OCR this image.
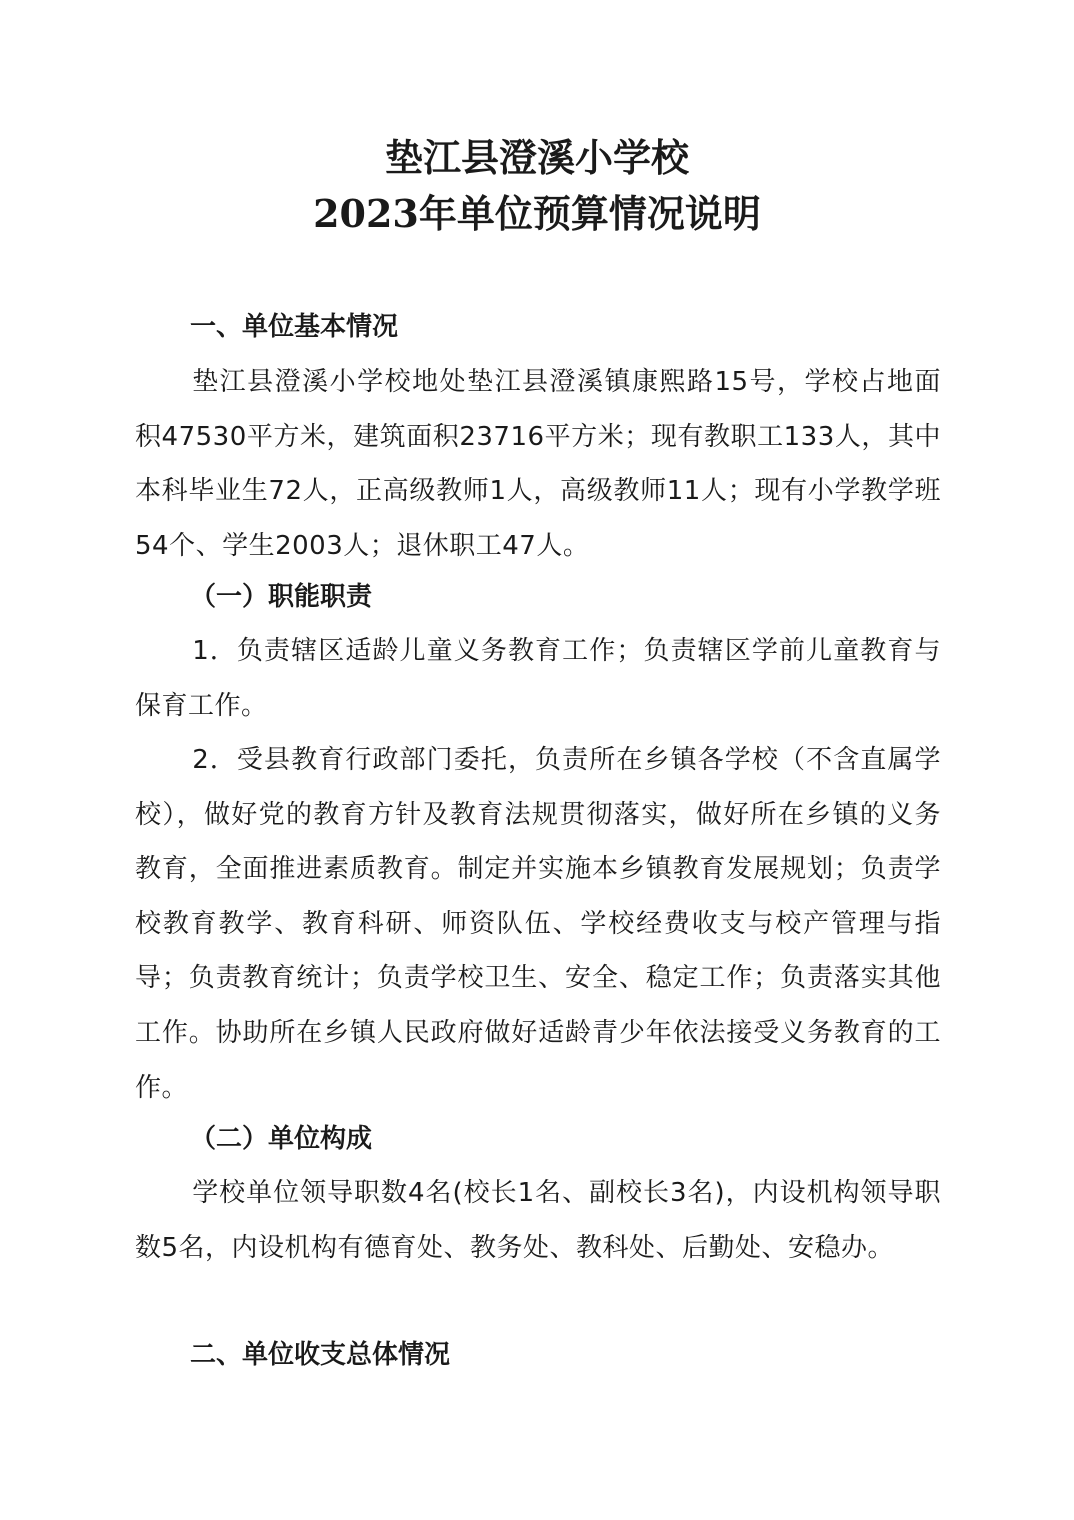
垫江县澄溪小学校
2023年单位预算情况说明
一、单位基本情况

垫江县澄溪小学校地处垫江县澄溪镇康熙路15号，学校占地面积47530平方米，建筑面积23716平方米；现有教职工133人，其中本科毕业生72人，正高级教师1人，高级教师11人；现有小学教学班54个、学生2003人；退休职工47人。

（一）职能职责

1．负责辖区适龄儿童义务教育工作；负责辖区学前儿童教育与保育工作。

2．受县教育行政部门委托，负责所在乡镇各学校（不含直属学校），做好党的教育方针及教育法规贯彻落实，做好所在乡镇的义务教育，全面推进素质教育。制定并实施本乡镇教育发展规划；负责学校教育教学、教育科研、师资队伍、学校经费收支与校产管理与指导；负责教育统计；负责学校卫生、安全、稳定工作；负责落实其他工作。协助所在乡镇人民政府做好适龄青少年依法接受义务教育的工作。

（二）单位构成

学校单位领导职数4名(校长1名、副校长3名)，内设机构领导职数5名，内设机构有德育处、教务处、教科处、后勤处、安稳办。

二、单位收支总体情况
